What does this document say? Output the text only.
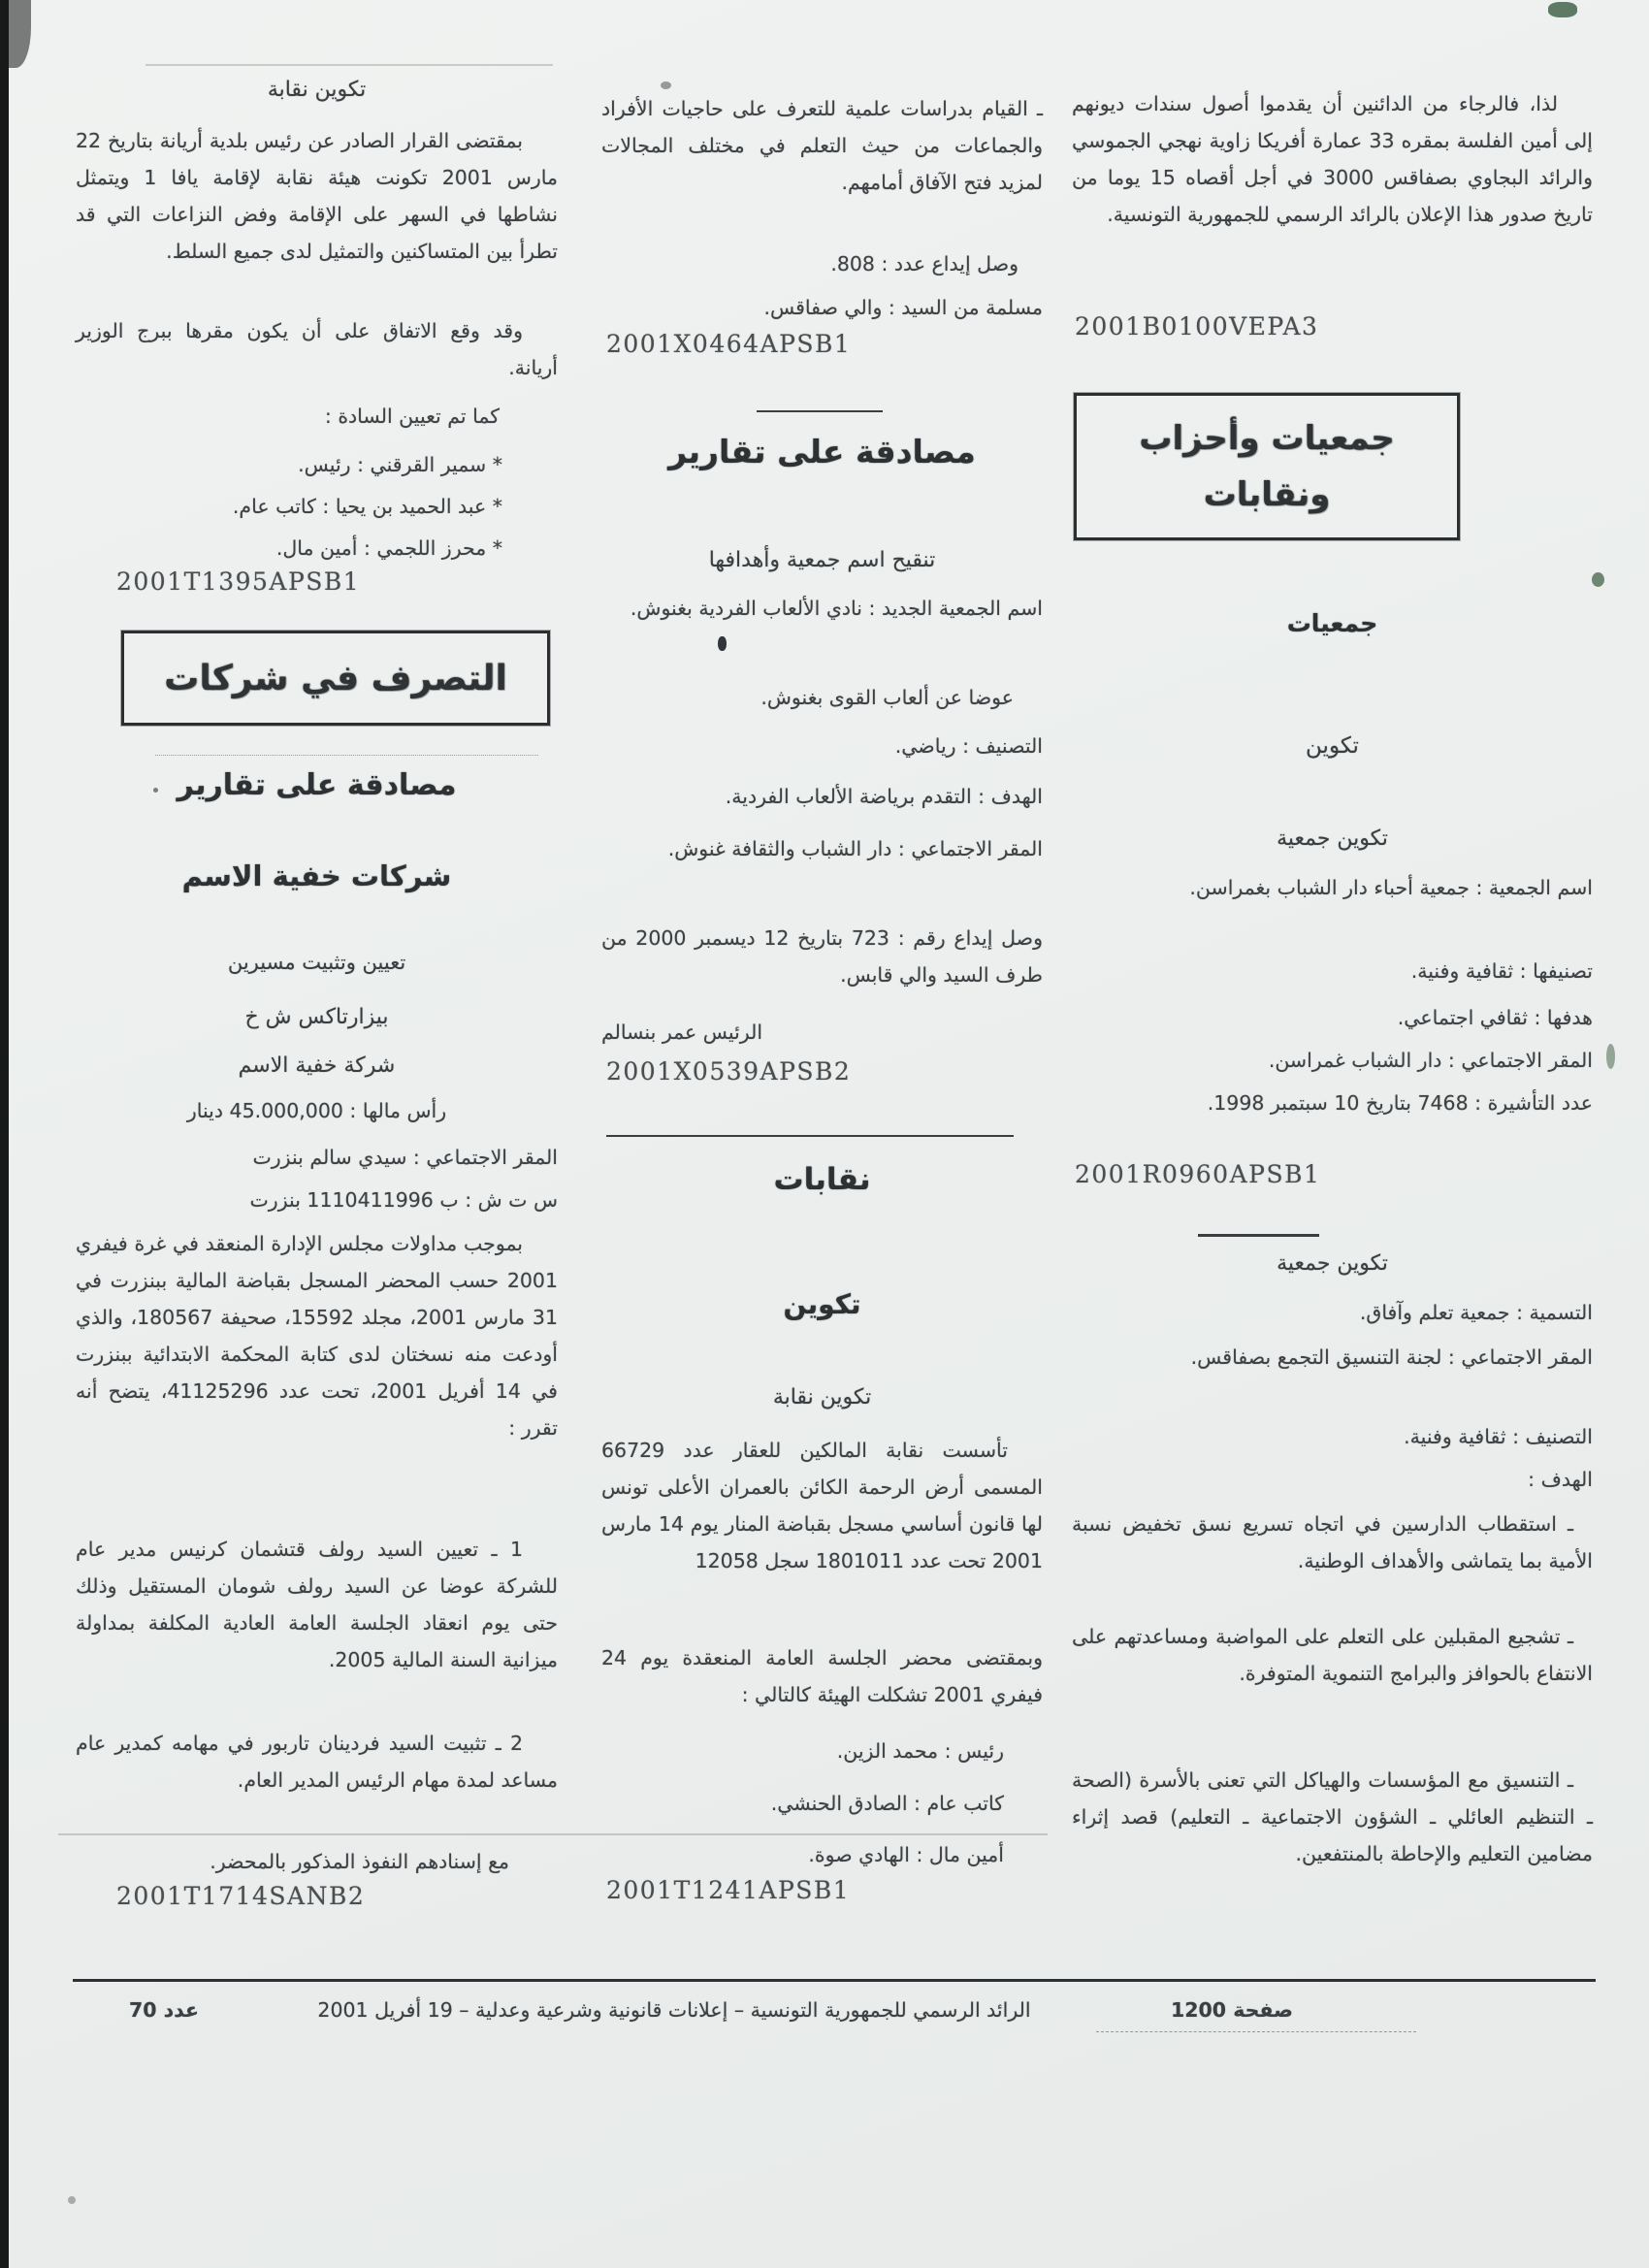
تكوين نقابة
بمقتضى القرار الصادر عن رئيس بلدية أريانة بتاريخ 22 مارس 2001 تكونت هيئة نقابة لإقامة يافا 1 ويتمثل نشاطها في السهر على الإقامة وفض النزاعات التي قد تطرأ بين المتساكنين والتمثيل لدى جميع السلط.
وقد وقع الاتفاق على أن يكون مقرها ببرج الوزير أريانة.
كما تم تعيين السادة :
* سمير القرقني : رئيس.
* عبد الحميد بن يحيا : كاتب عام.
* محرز اللجمي : أمين مال.
2001T1395APSB1
التصرف في شركات
مصادقة على تقارير
شركات خفية الاسم
تعيين وتثبيت مسيرين
بيزارتاكس ش خ
شركة خفية الاسم
رأس مالها : 45.000,000 دينار
المقر الاجتماعي : سيدي سالم بنزرت
س ت ش : ب 1110411996 بنزرت
بموجب مداولات مجلس الإدارة المنعقد في غرة فيفري 2001 حسب المحضر المسجل بقباضة المالية ببنزرت في 31 مارس 2001، مجلد 15592، صحيفة 180567، والذي أودعت منه نسختان لدى كتابة المحكمة الابتدائية ببنزرت في 14 أفريل 2001، تحت عدد 41125296، يتضح أنه تقرر :
1 ـ تعيين السيد رولف قتشمان كرنيس مدير عام للشركة عوضا عن السيد رولف شومان المستقيل وذلك حتى يوم انعقاد الجلسة العامة العادية المكلفة بمداولة ميزانية السنة المالية 2005.
2 ـ تثبيت السيد فردينان تاربور في مهامه كمدير عام مساعد لمدة مهام الرئيس المدير العام.
مع إسنادهم النفوذ المذكور بالمحضر.
2001T1714SANB2
ـ القيام بدراسات علمية للتعرف على حاجيات الأفراد والجماعات من حيث التعلم في مختلف المجالات لمزيد فتح الآفاق أمامهم.
وصل إيداع عدد : 808.
مسلمة من السيد : والي صفاقس.
2001X0464APSB1
مصادقة على تقارير
تنقيح اسم جمعية وأهدافها
اسم الجمعية الجديد : نادي الألعاب الفردية بغنوش.
عوضا عن ألعاب القوى بغنوش.
التصنيف : رياضي.
الهدف : التقدم برياضة الألعاب الفردية.
المقر الاجتماعي : دار الشباب والثقافة غنوش.
وصل إيداع رقم : 723 بتاريخ 12 ديسمبر 2000 من طرف السيد والي قابس.
الرئيس عمر بنسالم
2001X0539APSB2
نقابات
تكوين
تكوين نقابة
تأسست نقابة المالكين للعقار عدد 66729 المسمى أرض الرحمة الكائن بالعمران الأعلى تونس لها قانون أساسي مسجل بقباضة المنار يوم 14 مارس 2001 تحت عدد 1801011 سجل 12058
وبمقتضى محضر الجلسة العامة المنعقدة يوم 24 فيفري 2001 تشكلت الهيئة كالتالي :
رئيس : محمد الزين.
كاتب عام : الصادق الحنشي.
أمين مال : الهادي صوة.
2001T1241APSB1
لذا، فالرجاء من الدائنين أن يقدموا أصول سندات ديونهم إلى أمين الفلسة بمقره 33 عمارة أفريكا زاوية نهجي الجموسي والرائد البجاوي بصفاقس 3000 في أجل أقصاه 15 يوما من تاريخ صدور هذا الإعلان بالرائد الرسمي للجمهورية التونسية.
2001B0100VEPA3
جمعيات وأحزاب
ونقابات
جمعيات
تكوين
تكوين جمعية
اسم الجمعية : جمعية أحباء دار الشباب بغمراسن.
تصنيفها : ثقافية وفنية.
هدفها : ثقافي اجتماعي.
المقر الاجتماعي : دار الشباب غمراسن.
عدد التأشيرة : 7468 بتاريخ 10 سبتمبر 1998.
2001R0960APSB1
تكوين جمعية
التسمية : جمعية تعلم وآفاق.
المقر الاجتماعي : لجنة التنسيق التجمع بصفاقس.
التصنيف : ثقافية وفنية.
الهدف :
ـ استقطاب الدارسين في اتجاه تسريع نسق تخفيض نسبة الأمية بما يتماشى والأهداف الوطنية.
ـ تشجيع المقبلين على التعلم على المواضبة ومساعدتهم على الانتفاع بالحوافز والبرامج التنموية المتوفرة.
ـ التنسيق مع المؤسسات والهياكل التي تعنى بالأسرة (الصحة ـ التنظيم العائلي ـ الشؤون الاجتماعية ـ التعليم) قصد إثراء مضامين التعليم والإحاطة بالمنتفعين.
صفحة 1200
الرائد الرسمي للجمهورية التونسية – إعلانات قانونية وشرعية وعدلية – 19 أفريل 2001
عدد 70
